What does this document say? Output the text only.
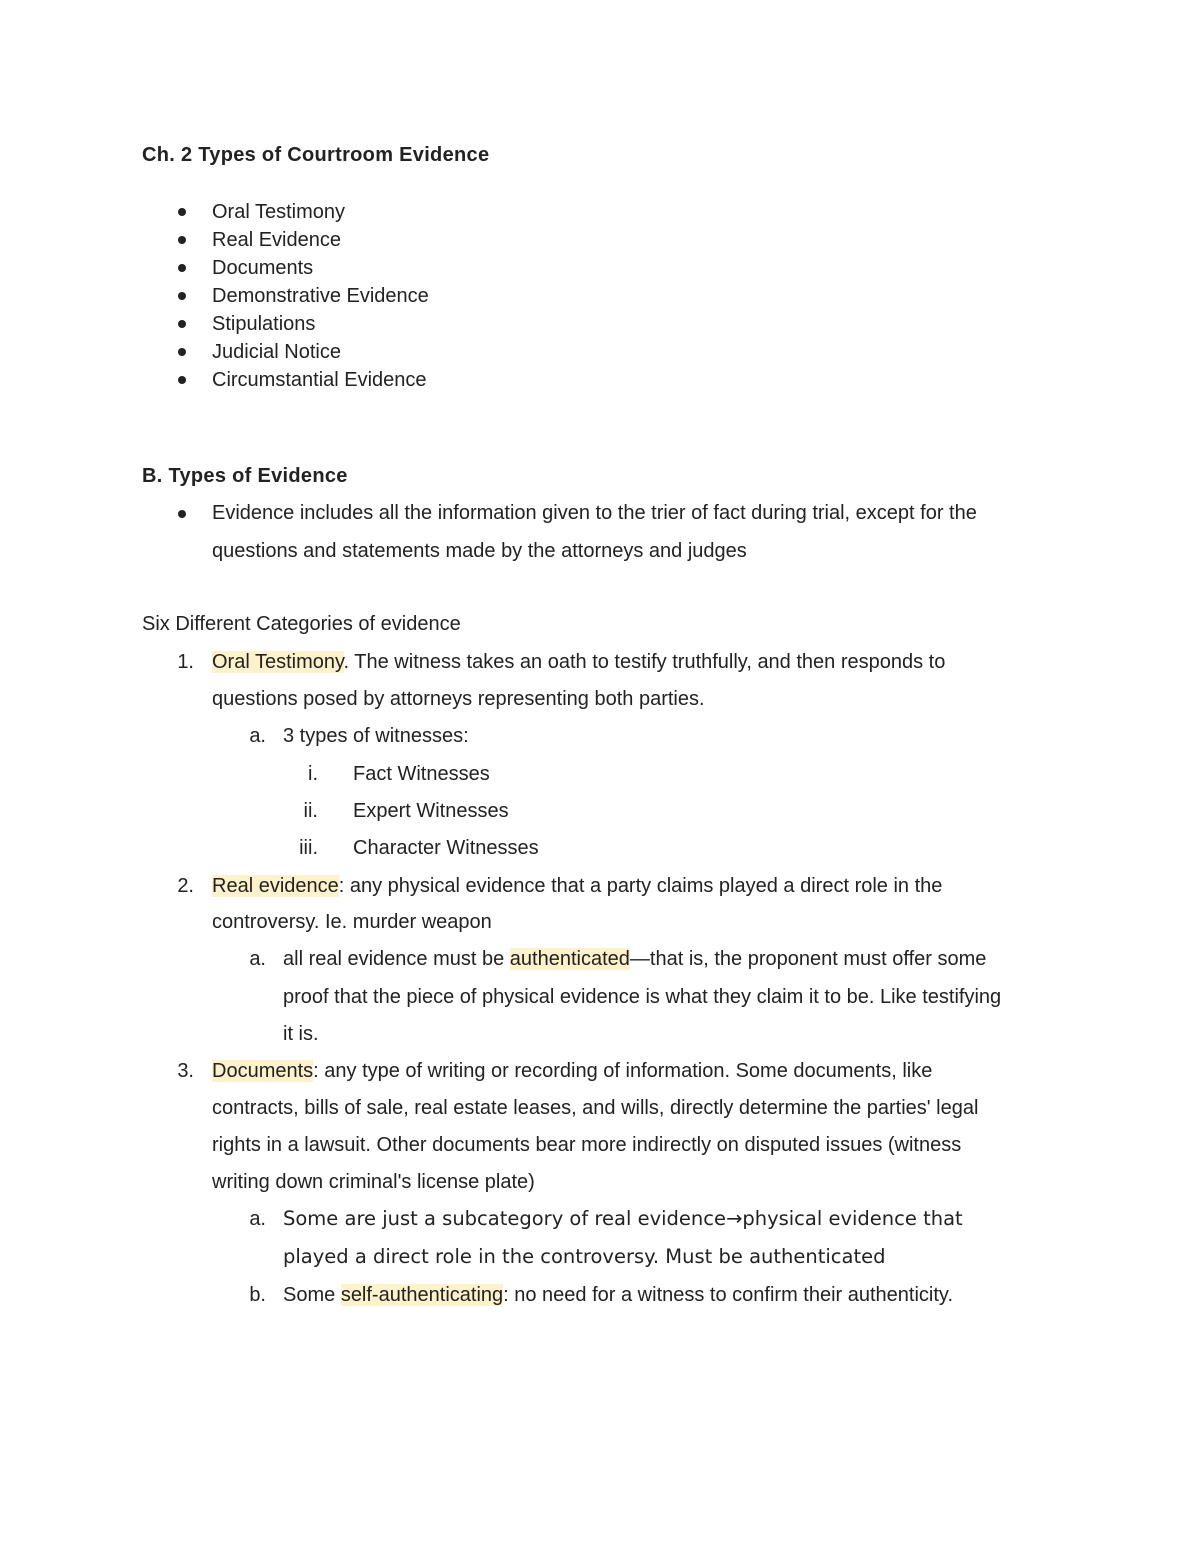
Ch. 2 Types of Courtroom Evidence
Oral Testimony
Real Evidence
Documents
Demonstrative Evidence
Stipulations
Judicial Notice
Circumstantial Evidence
B. Types of Evidence
Evidence includes all the information given to the trier of fact during trial, except for the
questions and statements made by the attorneys and judges
Six Different Categories of evidence
1. Oral Testimony. The witness takes an oath to testify truthfully, and then responds to
questions posed by attorneys representing both parties.
a. 3 types of witnesses:
i. Fact Witnesses
ii. Expert Witnesses
iii. Character Witnesses
2. Real evidence: any physical evidence that a party claims played a direct role in the
controversy. Ie. murder weapon
a. all real evidence must be authenticated—that is, the proponent must offer some
proof that the piece of physical evidence is what they claim it to be. Like testifying
it is.
3. Documents: any type of writing or recording of information. Some documents, like
contracts, bills of sale, real estate leases, and wills, directly determine the parties' legal
rights in a lawsuit. Other documents bear more indirectly on disputed issues (witness
writing down criminal's license plate)
a. Some are just a subcategory of real evidence→physical evidence that
played a direct role in the controversy. Must be authenticated
b. Some self-authenticating: no need for a witness to confirm their authenticity.
